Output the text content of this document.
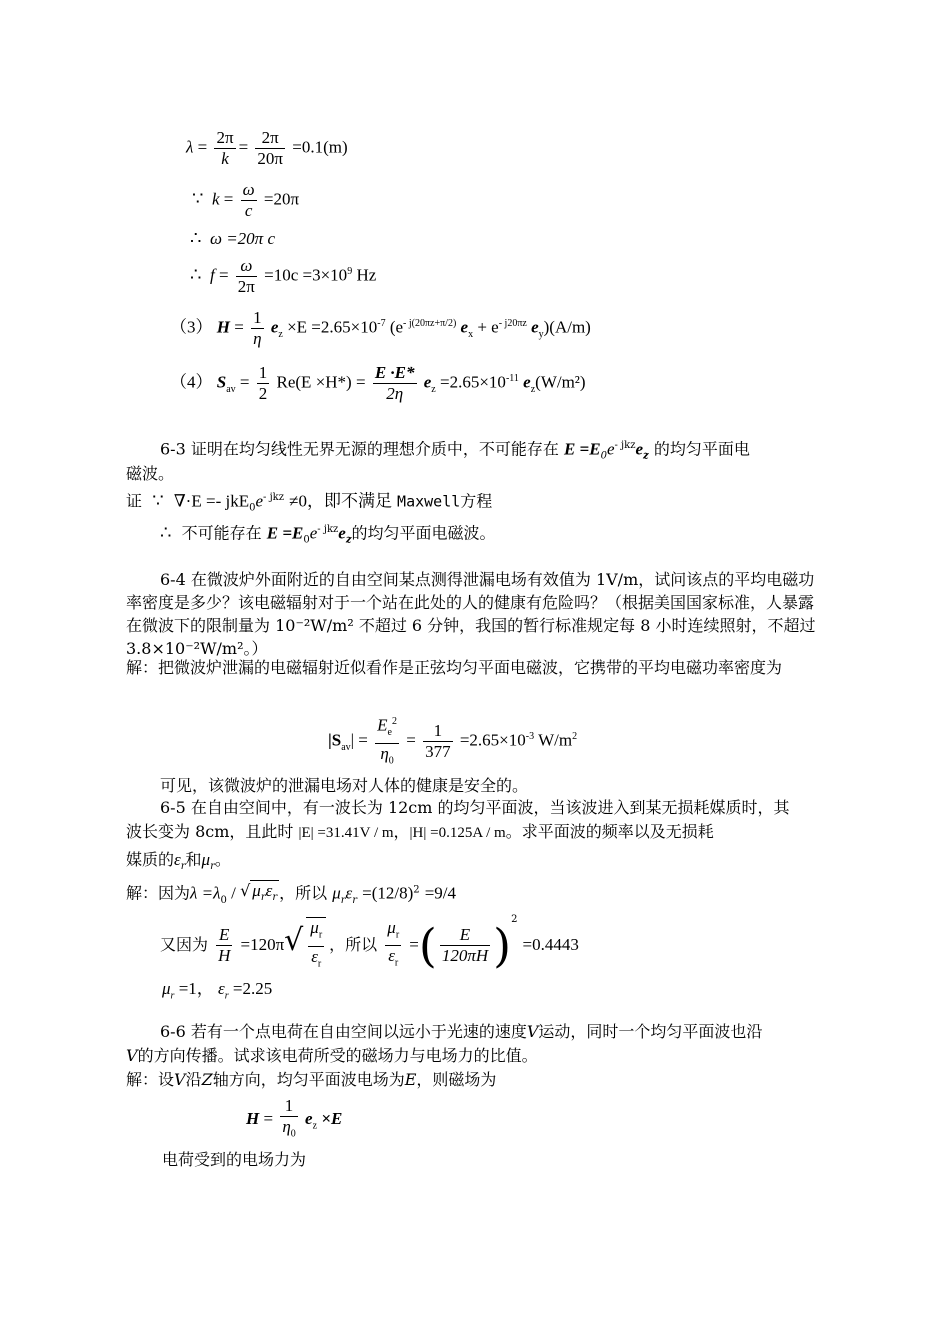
$\lambda = \frac{2\pi}{k} = \frac{2\pi}{20\pi} =0.1(m)$
∵ $k = \frac{\omega}{c} =20\pi$
∴ ω =20π c
∴ $f = \frac{\omega}{2\pi} =10c =3\times 10^9$ Hz
（3） $H = \frac{1}{\eta} e_z \times E =2.65\times 10^{-7}$ ($e^{- j(20\pi z+\pi/2)}$ $e_x + e^{- j20\pi z}$ $e_y)(A/m)$
（4） $S_{av} = \frac{1}{2} Re(E \times H*) = \frac{E \cdot E*}{2\eta} e_z =2.65\times 10^{-11}$ $e_z(W/m^2)$
6-3 证明在均匀线性无界无源的理想介质中，不可能存在 $E =E_0e^{- jkz}e_z$ 的均匀平面电
磁波。
证 ∵ $\nabla\cdot E =- jkE_0e^{- jkz} \ne 0$，即不满足 Maxwell方程
∴ 不可能存在 $E =E_0e^{- jkz}e_z$的均匀平面电磁波。
6-4 在微波炉外面附近的自由空间某点测得泄漏电场有效值为 1V/m，试问该点的平均电磁功率密度是多少？该电磁辐射对于一个站在此处的人的健康有危险吗？（根据美国国家标准，人暴露在微波下的限制量为 10⁻²W/m² 不超过 6 分钟，我国的暂行标准规定每 8 小时连续照射，不超过 3.8×10⁻²W/m²。）
解：把微波炉泄漏的电磁辐射近似看作是正弦均匀平面电磁波，它携带的平均电磁功率密度为
$|S_{av}| = \frac{E_e^2}{\eta_0} = \frac{1}{377} =2.65\times 10^{-3}$ $W/m^2$
可见，该微波炉的泄漏电场对人体的健康是安全的。
6-5 在自由空间中，有一波长为 12cm 的均匀平面波，当该波进入到某无损耗媒质时，其
波长变为 8cm，且此时 |E| =31.41V / m，|H| =0.125A / m。求平面波的频率以及无损耗
媒质的$\varepsilon_r$和$\mu_r$。
解：因为$\lambda =\lambda_0$ / √ $\mu_r\varepsilon_r$ ，所以 $\mu_r\varepsilon_r =(12/8)^2 =9/4$
又因为 $\frac{E}{H} =120\pi√ \frac{\mu_r}{\varepsilon_r}$ ，所以 $\frac{\mu_r}{\varepsilon_r}$ =( $\frac{E}{120\pi H} )^2 =0.4443$
$\mu_r =1$， $\varepsilon_r =2.25$
6-6 若有一个点电荷在自由空间以远小于光速的速度V运动，同时一个均匀平面波也沿
V的方向传播。试求该电荷所受的磁场力与电场力的比值。
解：设V沿Z轴方向，均匀平面波电场为E，则磁场为
$H = \frac{1}{\eta_0} e_z \times E$
电荷受到的电场力为
